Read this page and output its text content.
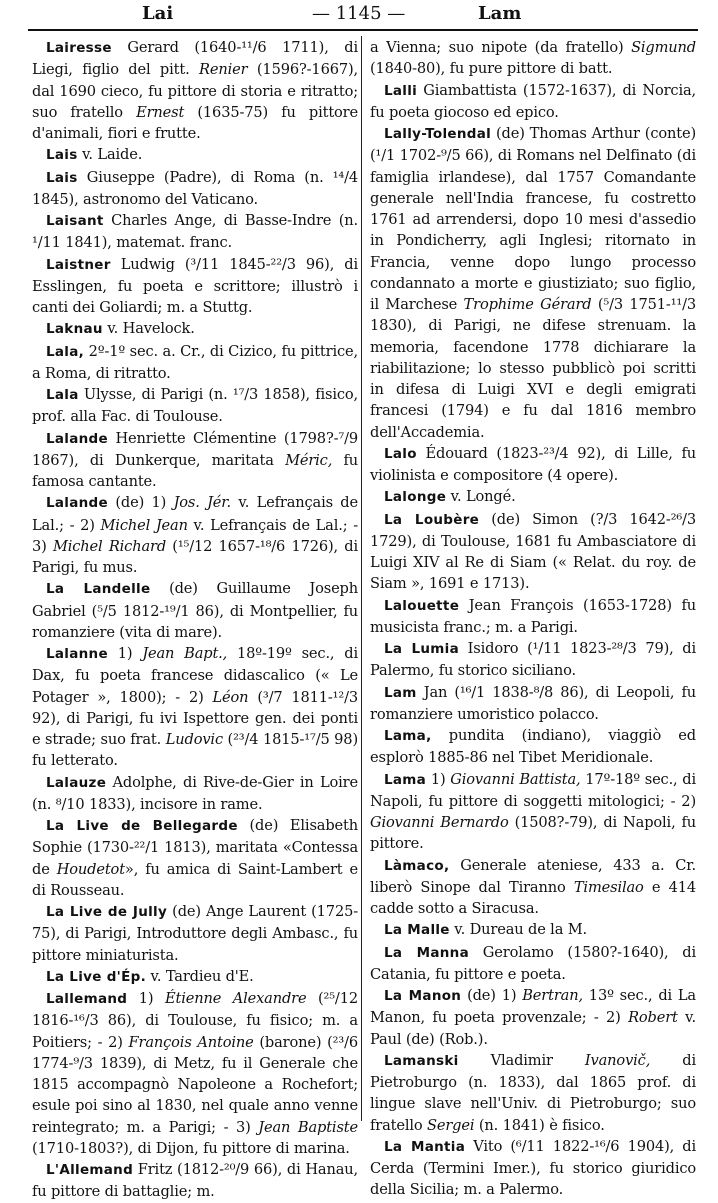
Lai	— 1145 —	Lam

Lairesse Gerard (1640-¹¹/6 1711), di Liegi, figlio del pitt. Renier (1596?-1667), dal 1690 cieco, fu pittore di storia e ritratto; suo fratello Ernest (1635-75) fu pittore d'animali, fiori e frutte.

Lais v. Laide.

Lais Giuseppe (Padre), di Roma (n. ¹⁴/4 1845), astronomo del Vaticano.

Laisant Charles Ange, di Basse-Indre (n. ¹/11 1841), matemat. franc.

Laistner Ludwig (³/11 1845-²²/3 96), di Esslingen, fu poeta e scrittore; illustrò i canti dei Goliardi; m. a Stuttg.

Laknau v. Havelock.

Lala, 2º-1º sec. a. Cr., di Cizico, fu pittrice, a Roma, di ritratto.

Lala Ulysse, di Parigi (n. ¹⁷/3 1858), fisico, prof. alla Fac. di Toulouse.

Lalande Henriette Clémentine (1798?-⁷/9 1867), di Dunkerque, maritata Méric, fu famosa cantante.

Lalande (de) 1) Jos. Jér. v. Lefrançais de Lal.; - 2) Michel Jean v. Lefrançais de Lal.; - 3) Michel Richard (¹⁵/12 1657-¹⁸/6 1726), di Parigi, fu mus.

La Landelle (de) Guillaume Joseph Gabriel (⁵/5 1812-¹⁹/1 86), di Montpellier, fu romanziere (vita di mare).

Lalanne 1) Jean Bapt., 18º-19º sec., di Dax, fu poeta francese didascalico (« Le Potager », 1800); - 2) Léon (³/7 1811-¹²/3 92), di Parigi, fu ivi Ispettore gen. dei ponti e strade; suo frat. Ludovic (²³/4 1815-¹⁷/5 98) fu letterato.

Lalauze Adolphe, di Rive-de-Gier in Loire (n. ⁸/10 1833), incisore in rame.

La Live de Bellegarde (de) Elisabeth Sophie (1730-²²/1 1813), maritata «Contessa de Houdetot», fu amica di Saint-Lambert e di Rousseau.

La Live de Jully (de) Ange Laurent (1725-75), di Parigi, Introduttore degli Ambasc., fu pittore miniaturista.

La Live d'Ép. v. Tardieu d'E.

Lallemand 1) Étienne Alexandre (²⁵/12 1816-¹⁶/3 86), di Toulouse, fu fisico; m. a Poitiers; - 2) François Antoine (barone) (²³/6 1774-⁹/3 1839), di Metz, fu il Generale che 1815 accompagnò Napoleone a Rochefort; esule poi sino al 1830, nel quale anno venne reintegrato; m. a Parigi; - 3) Jean Baptiste (1710-1803?), di Dijon, fu pittore di marina.

L'Allemand Fritz (1812-²⁰/9 66), di Hanau, fu pittore di battaglie; m.

a Vienna; suo nipote (da fratello) Sigmund (1840-80), fu pure pittore di batt.

Lalli Giambattista (1572-1637), di Norcia, fu poeta giocoso ed epico.

Lally-Tolendal (de) Thomas Arthur (conte) (¹/1 1702-⁹/5 66), di Romans nel Delfinato (di famiglia irlandese), dal 1757 Comandante generale nell'India francese, fu costretto 1761 ad arrendersi, dopo 10 mesi d'assedio in Pondicherry, agli Inglesi; ritornato in Francia, venne dopo lungo processo condannato a morte e giustiziato; suo figlio, il Marchese Trophime Gérard (⁵/3 1751-¹¹/3 1830), di Parigi, ne difese strenuam. la memoria, facendone 1778 dichiarare la riabilitazione; lo stesso pubblicò poi scritti in difesa di Luigi XVI e degli emigrati francesi (1794) e fu dal 1816 membro dell'Accademia.

Lalo Édouard (1823-²³/4 92), di Lille, fu violinista e compositore (4 opere).

Lalonge v. Longé.

La Loubère (de) Simon (?/3 1642-²⁶/3 1729), di Toulouse, 1681 fu Ambasciatore di Luigi XIV al Re di Siam (« Relat. du roy. de Siam », 1691 e 1713).

Lalouette Jean François (1653-1728) fu musicista franc.; m. a Parigi.

La Lumia Isidoro (¹/11 1823-²⁸/3 79), di Palermo, fu storico siciliano.

Lam Jan (¹⁶/1 1838-⁸/8 86), di Leopoli, fu romanziere umoristico polacco.

Lama, pundita (indiano), viaggiò ed esplorò 1885-86 nel Tibet Meridionale.

Lama 1) Giovanni Battista, 17º-18º sec., di Napoli, fu pittore di soggetti mitologici; - 2) Giovanni Bernardo (1508?-79), di Napoli, fu pittore.

Làmaco, Generale ateniese, 433 a. Cr. liberò Sinope dal Tiranno Timesilao e 414 cadde sotto a Siracusa.

La Malle v. Dureau de la M.

La Manna Gerolamo (1580?-1640), di Catania, fu pittore e poeta.

La Manon (de) 1) Bertran, 13º sec., di La Manon, fu poeta provenzale; - 2) Robert v. Paul (de) (Rob.).

Lamanski Vladimir Ivanovič, di Pietroburgo (n. 1833), dal 1865 prof. di lingue slave nell'Univ. di Pietroburgo; suo fratello Sergei (n. 1841) è fisico.

La Mantia Vito (⁶/11 1822-¹⁶/6 1904), di Cerda (Termini Imer.), fu storico giuridico della Sicilia; m. a Palermo.
